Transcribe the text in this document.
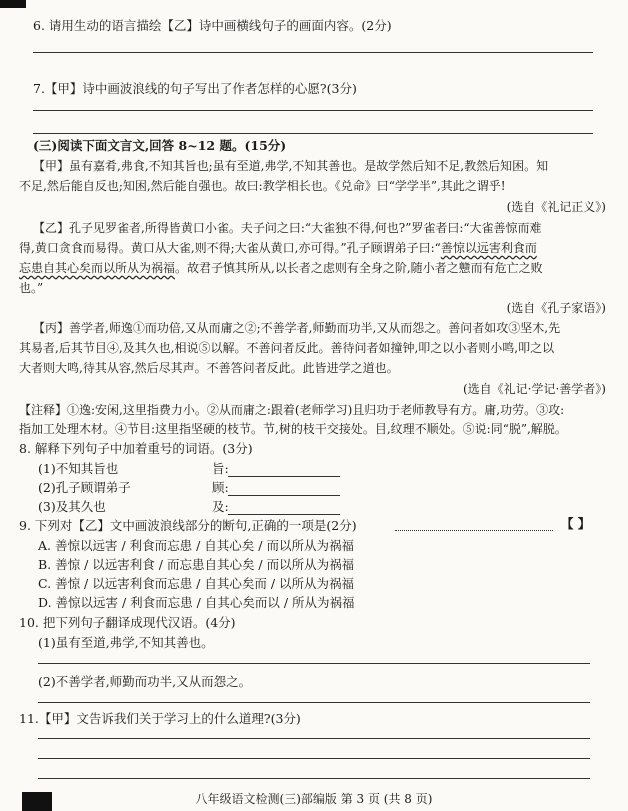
6. 请用生动的语言描绘【乙】诗中画横线句子的画面内容。(2分)
7.【甲】诗中画波浪线的句子写出了作者怎样的心愿?(3分)
(三)阅读下面文言文,回答 8~12 题。(15分)
【甲】虽有嘉肴,弗食,不知其旨也;虽有至道,弗学,不知其善也。是故学然后知不足,教然后知困。知
不足,然后能自反也;知困,然后能自强也。故曰:教学相长也。《兑命》曰“学学半”,其此之谓乎!
(选自《礼记正义》)
【乙】孔子见罗雀者,所得皆黄口小雀。夫子问之曰:“大雀独不得,何也?”罗雀者曰:“大雀善惊而难
得,黄口贪食而易得。黄口从大雀,则不得;大雀从黄口,亦可得。”孔子顾谓弟子曰:“善惊以远害利食而
忘患自其心矣而以所从为祸福。故君子慎其所从,以长者之虑则有全身之阶,随小者之戆而有危亡之败
也。”
(选自《孔子家语》)
【丙】善学者,师逸①而功倍,又从而庸之②;不善学者,师勤而功半,又从而怨之。善问者如攻③坚木,先
其易者,后其节目④,及其久也,相说⑤以解。不善问者反此。善待问者如撞钟,叩之以小者则小鸣,叩之以
大者则大鸣,待其从容,然后尽其声。不善答问者反此。此皆进学之道也。
(选自《礼记·学记·善学者》)
【注释】①逸:安闲,这里指费力小。②从而庸之:跟着(老师学习)且归功于老师教导有方。庸,功劳。③攻:
指加工处理木材。④节目:这里指坚硬的枝节。节,树的枝干交接处。目,纹理不顺处。⑤说:同“脱”,解脱。
8. 解释下列句子中加着重号的词语。(3分)
(1)不知其旨也	旨:
(2)孔子顾谓弟子	顾:
(3)及其久也	及:
9. 下列对【乙】文中画波浪线部分的断句,正确的一项是(2分)	【 】
A. 善惊以远害 / 利食而忘患 / 自其心矣 / 而以所从为祸福
B. 善惊 / 以远害利食 / 而忘患自其心矣 / 而以所从为祸福
C. 善惊 / 以远害利食而忘患 / 自其心矣而 / 以所从为祸福
D. 善惊以远害 / 利食而忘患 / 自其心矣而以 / 所从为祸福
10. 把下列句子翻译成现代汉语。(4分)
(1)虽有至道,弗学,不知其善也。
(2)不善学者,师勤而功半,又从而怨之。
11.【甲】文告诉我们关于学习上的什么道理?(3分)
八年级语文检测(三)部编版 第 3 页 (共 8 页)
